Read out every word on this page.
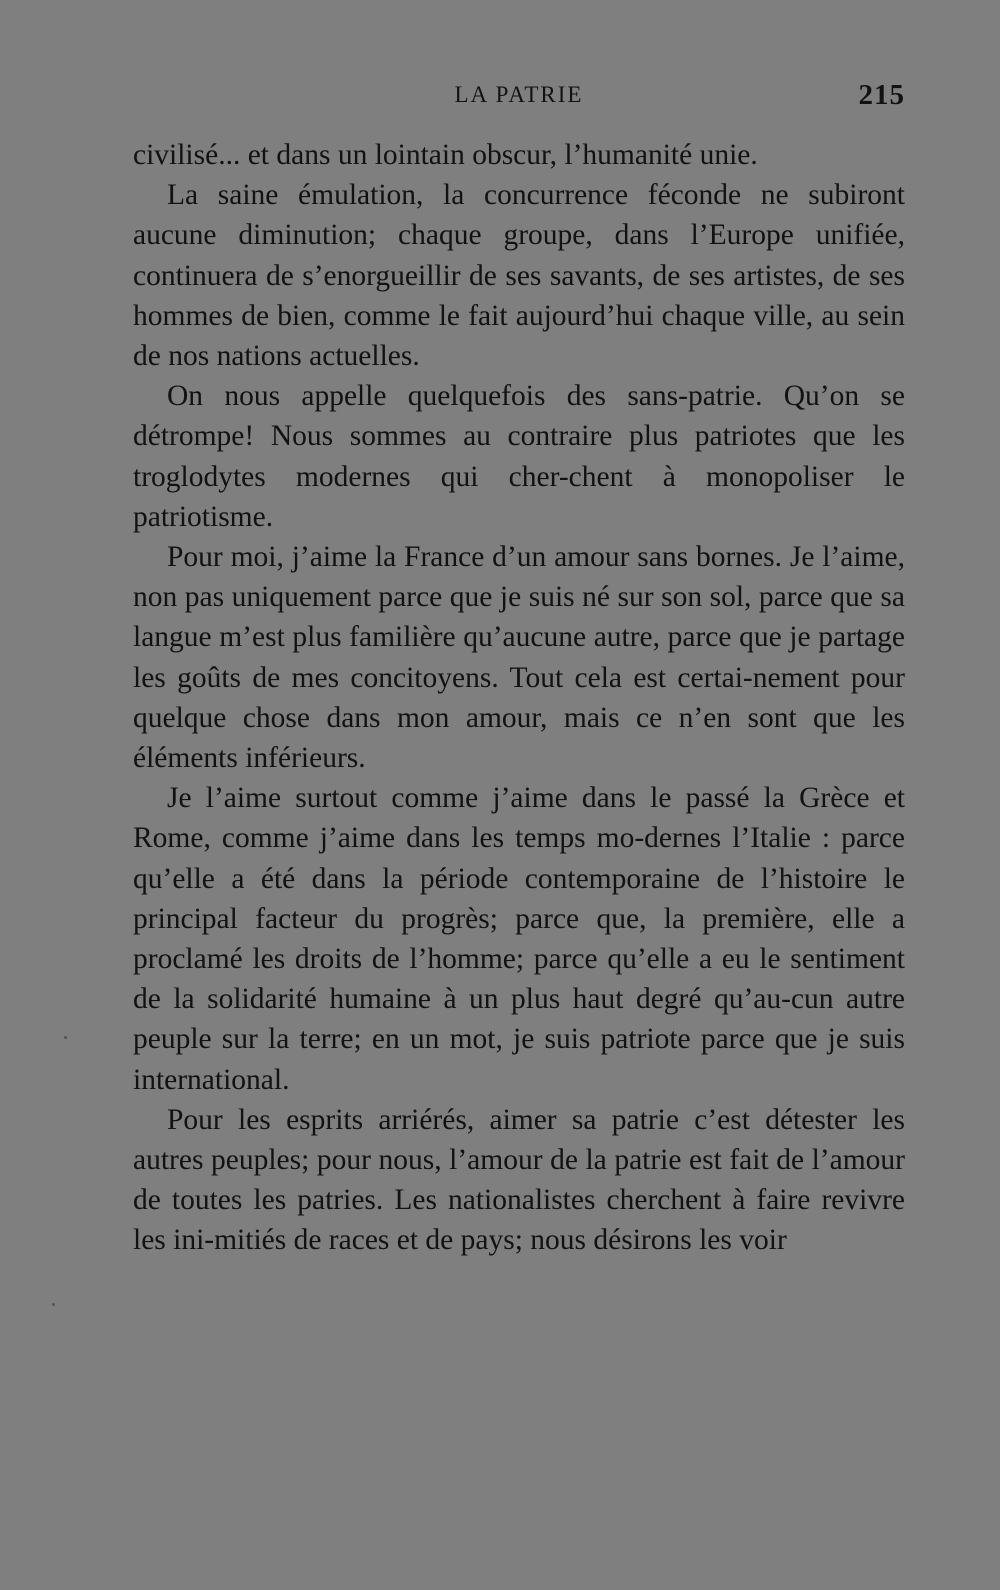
LA PATRIE	215

civilisé... et dans un lointain obscur, l’humanité unie.

La saine émulation, la concurrence féconde ne subiront aucune diminution; chaque groupe, dans l’Europe unifiée, continuera de s’enorgueillir de ses savants, de ses artistes, de ses hommes de bien, comme le fait aujourd’hui chaque ville, au sein de nos nations actuelles.

On nous appelle quelquefois des sans-patrie. Qu’on se détrompe! Nous sommes au contraire plus patriotes que les troglodytes modernes qui cher-chent à monopoliser le patriotisme.

Pour moi, j’aime la France d’un amour sans bornes. Je l’aime, non pas uniquement parce que je suis né sur son sol, parce que sa langue m’est plus familière qu’aucune autre, parce que je partage les goûts de mes concitoyens. Tout cela est certai-nement pour quelque chose dans mon amour, mais ce n’en sont que les éléments inférieurs.

Je l’aime surtout comme j’aime dans le passé la Grèce et Rome, comme j’aime dans les temps mo-dernes l’Italie : parce qu’elle a été dans la période contemporaine de l’histoire le principal facteur du progrès; parce que, la première, elle a proclamé les droits de l’homme; parce qu’elle a eu le sentiment de la solidarité humaine à un plus haut degré qu’au-cun autre peuple sur la terre; en un mot, je suis patriote parce que je suis international.

Pour les esprits arriérés, aimer sa patrie c’est détester les autres peuples; pour nous, l’amour de la patrie est fait de l’amour de toutes les patries. Les nationalistes cherchent à faire revivre les ini-mitiés de races et de pays; nous désirons les voir
